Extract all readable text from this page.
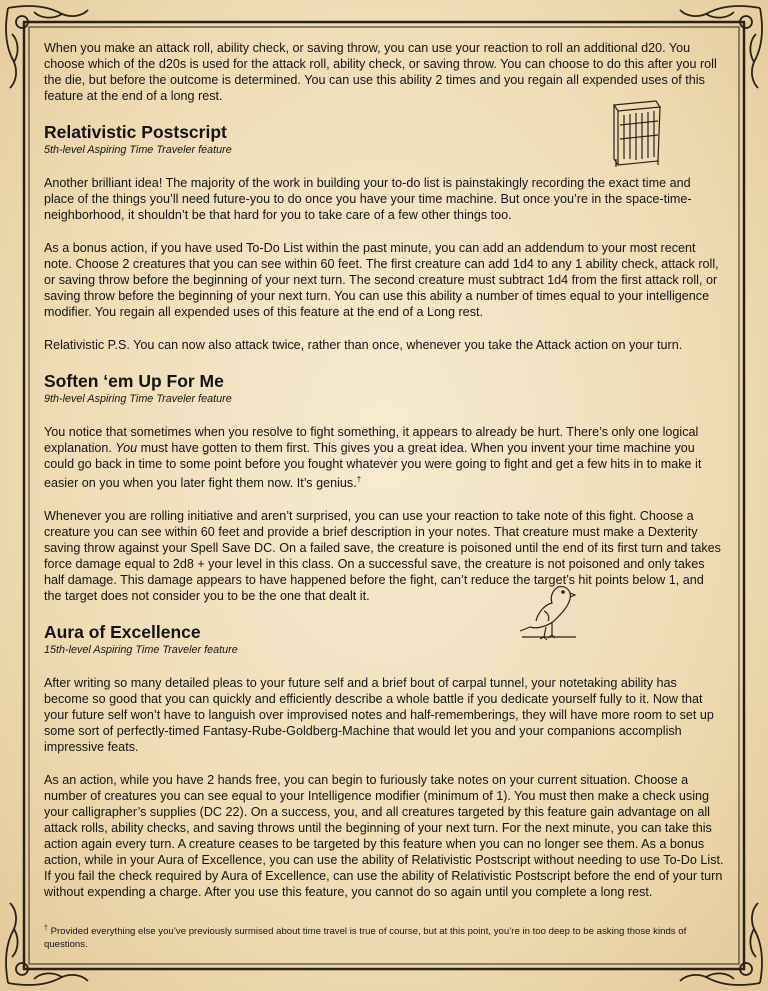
When you make an attack roll, ability check, or saving throw, you can use your reaction to roll an additional d20. You choose which of the d20s is used for the attack roll, ability check, or saving throw. You can choose to do this after you roll the die, but before the outcome is determined. You can use this ability 2 times and you regain all expended uses of this feature at the end of a long rest.

Relativistic Postscript
5th-level Aspiring Time Traveler feature

Another brilliant idea! The majority of the work in building your to-do list is painstakingly recording the exact time and place of the things you’ll need future-you to do once you have your time machine. But once you’re in the space-time-neighborhood, it shouldn’t be that hard for you to take care of a few other things too.

As a bonus action, if you have used To-Do List within the past minute, you can add an addendum to your most recent note. Choose 2 creatures that you can see within 60 feet. The first creature can add 1d4 to any 1 ability check, attack roll, or saving throw before the beginning of your next turn. The second creature must subtract 1d4 from the first attack roll, or saving throw before the beginning of your next turn. You can use this ability a number of times equal to your intelligence modifier. You regain all expended uses of this feature at the end of a Long rest.

Relativistic P.S. You can now also attack twice, rather than once, whenever you take the Attack action on your turn.

Soften ‘em Up For Me
9th-level Aspiring Time Traveler feature

You notice that sometimes when you resolve to fight something, it appears to already be hurt. There’s only one logical explanation. You must have gotten to them first. This gives you a great idea. When you invent your time machine you could go back in time to some point before you fought whatever you were going to fight and get a few hits in to make it easier on you when you later fight them now. It’s genius.†

Whenever you are rolling initiative and aren’t surprised, you can use your reaction to take note of this fight. Choose a creature you can see within 60 feet and provide a brief description in your notes. That creature must make a Dexterity saving throw against your Spell Save DC. On a failed save, the creature is poisoned until the end of its first turn and takes force damage equal to 2d8 + your level in this class. On a successful save, the creature is not poisoned and only takes half damage. This damage appears to have happened before the fight, can’t reduce the target’s hit points below 1, and the target does not consider you to be the one that dealt it.

Aura of Excellence
15th-level Aspiring Time Traveler feature

After writing so many detailed pleas to your future self and a brief bout of carpal tunnel, your notetaking ability has become so good that you can quickly and efficiently describe a whole battle if you dedicate yourself fully to it. Now that your future self won’t have to languish over improvised notes and half-rememberings, they will have more room to set up some sort of perfectly-timed Fantasy-Rube-Goldberg-Machine that would let you and your companions accomplish impressive feats.

As an action, while you have 2 hands free, you can begin to furiously take notes on your current situation. Choose a number of creatures you can see equal to your Intelligence modifier (minimum of 1). You must then make a check using your calligrapher’s supplies (DC 22). On a success, you, and all creatures targeted by this feature gain advantage on all attack rolls, ability checks, and saving throws until the beginning of your next turn. For the next minute, you can take this action again every turn. A creature ceases to be targeted by this feature when you can no longer see them. As a bonus action, while in your Aura of Excellence, you can use the ability of Relativistic Postscript without needing to use To-Do List. If you fail the check required by Aura of Excellence, can use the ability of Relativistic Postscript before the end of your turn without expending a charge. After you use this feature, you cannot do so again until you complete a long rest.

† Provided everything else you’ve previously surmised about time travel is true of course, but at this point, you’re in too deep to be asking those kinds of questions.
